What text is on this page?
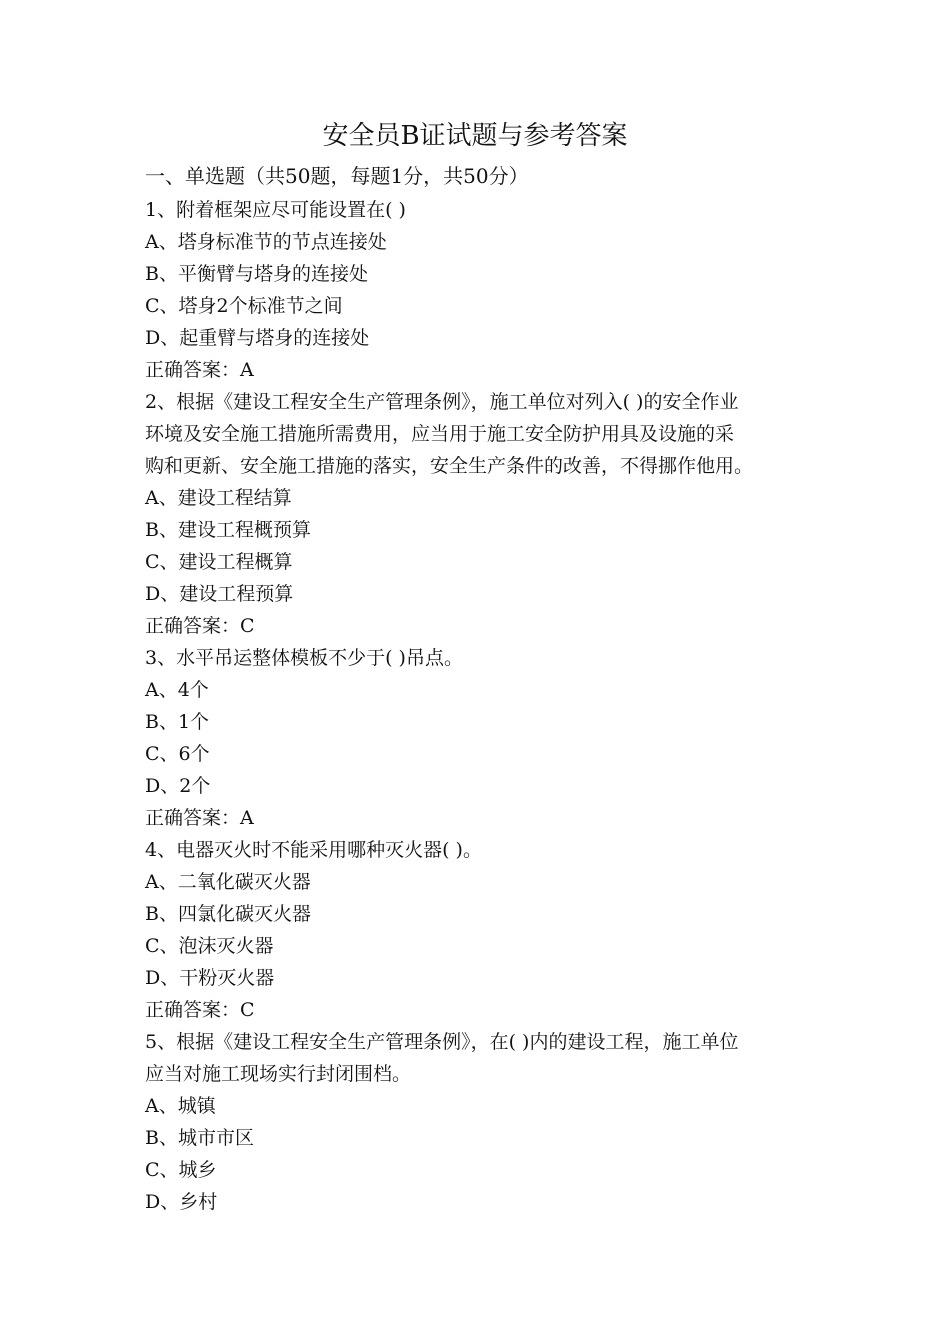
安全员B证试题与参考答案
一、单选题（共50题，每题1分，共50分）
1、附着框架应尽可能设置在( )
A、塔身标准节的节点连接处
B、平衡臂与塔身的连接处
C、塔身2个标准节之间
D、起重臂与塔身的连接处
正确答案：A
2、根据《建设工程安全生产管理条例》，施工单位对列入( )的安全作业
环境及安全施工措施所需费用，应当用于施工安全防护用具及设施的采
购和更新、安全施工措施的落实，安全生产条件的改善，不得挪作他用。
A、建设工程结算
B、建设工程概预算
C、建设工程概算
D、建设工程预算
正确答案：C
3、水平吊运整体模板不少于( )吊点。
A、4个
B、1个
C、6个
D、2个
正确答案：A
4、电器灭火时不能采用哪种灭火器( )。
A、二氧化碳灭火器
B、四氯化碳灭火器
C、泡沫灭火器
D、干粉灭火器
正确答案：C
5、根据《建设工程安全生产管理条例》，在( )内的建设工程，施工单位
应当对施工现场实行封闭围档。
A、城镇
B、城市市区
C、城乡
D、乡村
